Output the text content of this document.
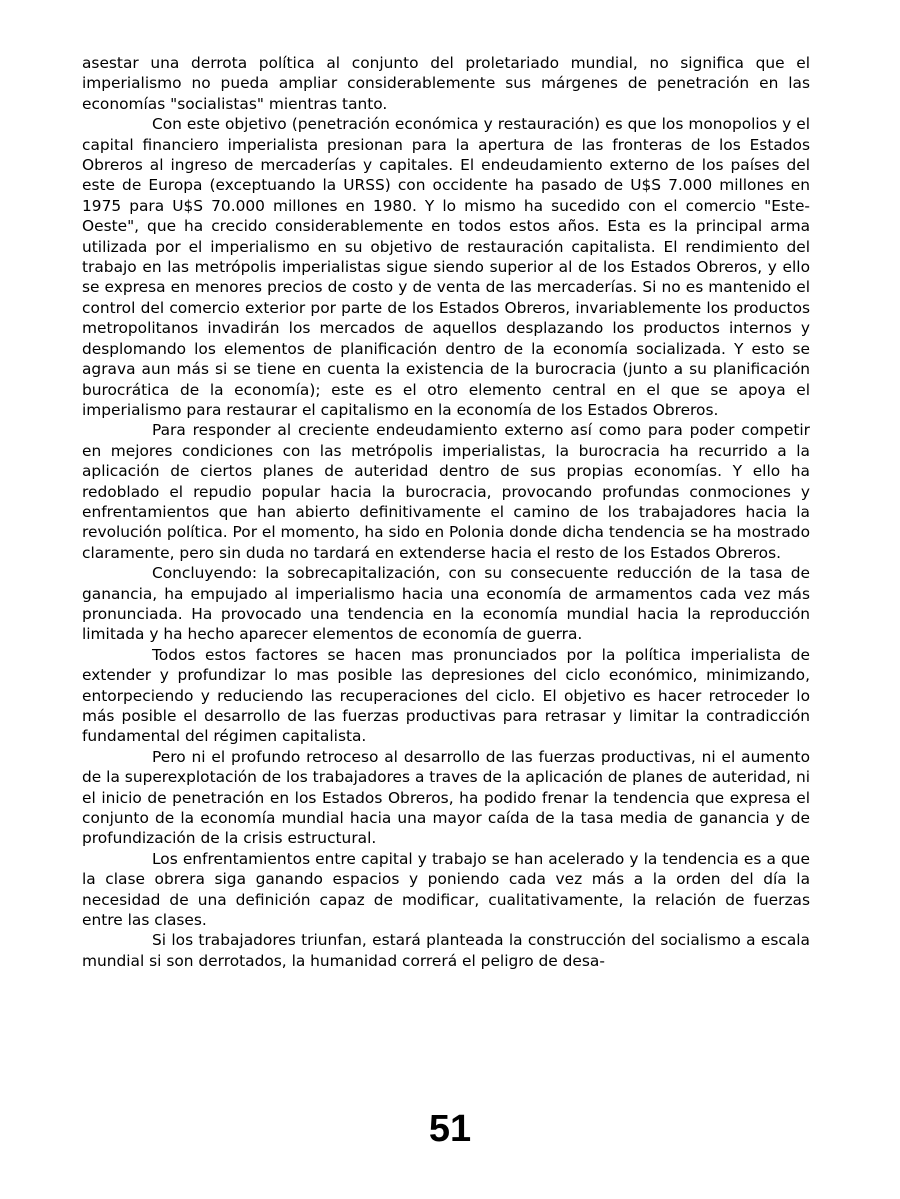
asestar una derrota política al conjunto del proletariado mundial, no significa que el imperialismo no pueda ampliar considerablemente sus márgenes de penetración en las economías "socialistas" mientras tanto.

Con este objetivo (penetración económica y restauración) es que los monopolios y el capital financiero imperialista presionan para la apertura de las fronteras de los Estados Obreros al ingreso de mercaderías y capitales. El endeudamiento externo de los países del este de Europa (exceptuando la URSS) con occidente ha pasado de U$S 7.000 millones en 1975 para U$S 70.000 millones en 1980. Y lo mismo ha sucedido con el comercio "Este-Oeste", que ha crecido considerablemente en todos estos años. Esta es la principal arma utilizada por el imperialismo en su objetivo de restauración capitalista. El rendimiento del trabajo en las metrópolis imperialistas sigue siendo superior al de los Estados Obreros, y ello se expresa en menores precios de costo y de venta de las mercaderías. Si no es mantenido el control del comercio exterior por parte de los Estados Obreros, invariablemente los productos metropolitanos invadirán los mercados de aquellos desplazando los productos internos y desplomando los elementos de planificación dentro de la economía socializada. Y esto se agrava aun más si se tiene en cuenta la existencia de la burocracia (junto a su planificación burocrática de la economía); este es el otro elemento central en el que se apoya el imperialismo para restaurar el capitalismo en la economía de los Estados Obreros.

Para responder al creciente endeudamiento externo así como para poder competir en mejores condiciones con las metrópolis imperialistas, la burocracia ha recurrido a la aplicación de ciertos planes de auteridad dentro de sus propias economías. Y ello ha redoblado el repudio popular hacia la burocracia, provocando profundas conmociones y enfrentamientos que han abierto definitivamente el camino de los trabajadores hacia la revolución política. Por el momento, ha sido en Polonia donde dicha tendencia se ha mostrado claramente, pero sin duda no tardará en extenderse hacia el resto de los Estados Obreros.

Concluyendo: la sobrecapitalización, con su consecuente reducción de la tasa de ganancia, ha empujado al imperialismo hacia una economía de armamentos cada vez más pronunciada. Ha provocado una tendencia en la economía mundial hacia la reproducción limitada y ha hecho aparecer elementos de economía de guerra.

Todos estos factores se hacen mas pronunciados por la política imperialista de extender y profundizar lo mas posible las depresiones del ciclo económico, minimizando, entorpeciendo y reduciendo las recuperaciones del ciclo. El objetivo es hacer retroceder lo más posible el desarrollo de las fuerzas productivas para retrasar y limitar la contradicción fundamental del régimen capitalista.

Pero ni el profundo retroceso al desarrollo de las fuerzas productivas, ni el aumento de la superexplotación de los trabajadores a traves de la aplicación de planes de auteridad, ni el inicio de penetración en los Estados Obreros, ha podido frenar la tendencia que expresa el conjunto de la economía mundial hacia una mayor caída de la tasa media de ganancia y de profundización de la crisis estructural.

Los enfrentamientos entre capital y trabajo se han acelerado y la tendencia es a que la clase obrera siga ganando espacios y poniendo cada vez más a la orden del día la necesidad de una definición capaz de modificar, cualitativamente, la relación de fuerzas entre las clases.

Si los trabajadores triunfan, estará planteada la construcción del socialismo a escala mundial si son derrotados, la humanidad correrá el peligro de desa-

51
